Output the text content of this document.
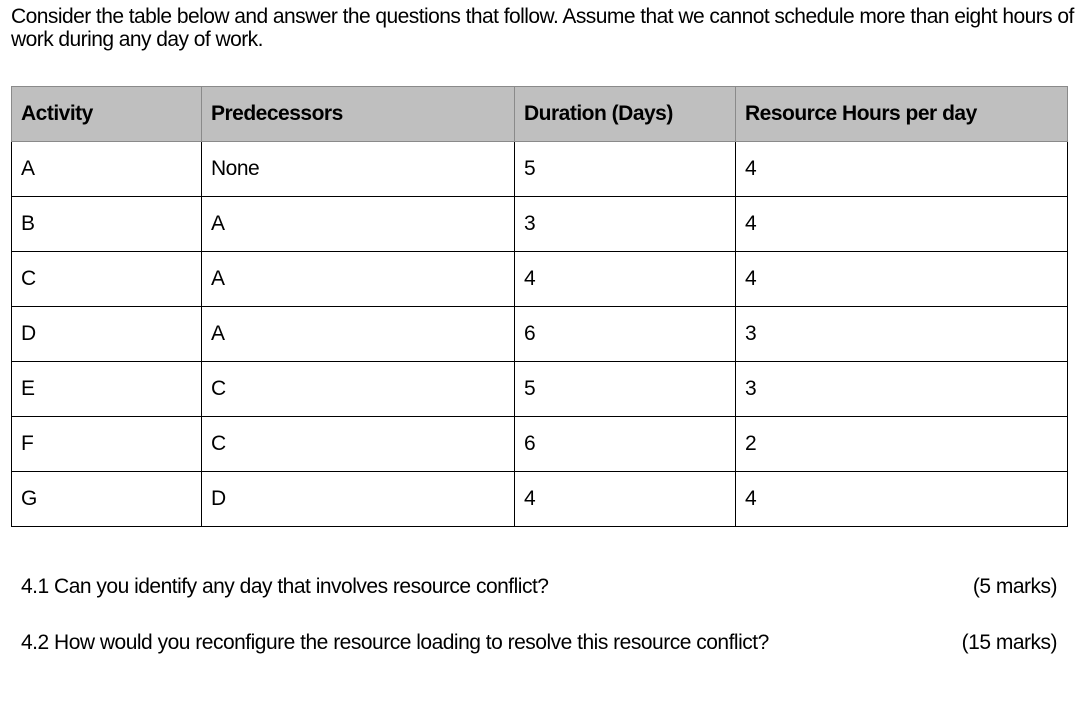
Consider the table below and answer the questions that follow. Assume that we cannot schedule more than eight hours of work during any day of work.

Activity	Predecessors	Duration (Days)	Resource Hours per day
A	None	5	4
B	A	3	4
C	A	4	4
D	A	6	3
E	C	5	3
F	C	6	2
G	D	4	4
4.1 Can you identify any day that involves resource conflict?	(5 marks)
4.2 How would you reconfigure the resource loading to resolve this resource conflict?	(15 marks)
